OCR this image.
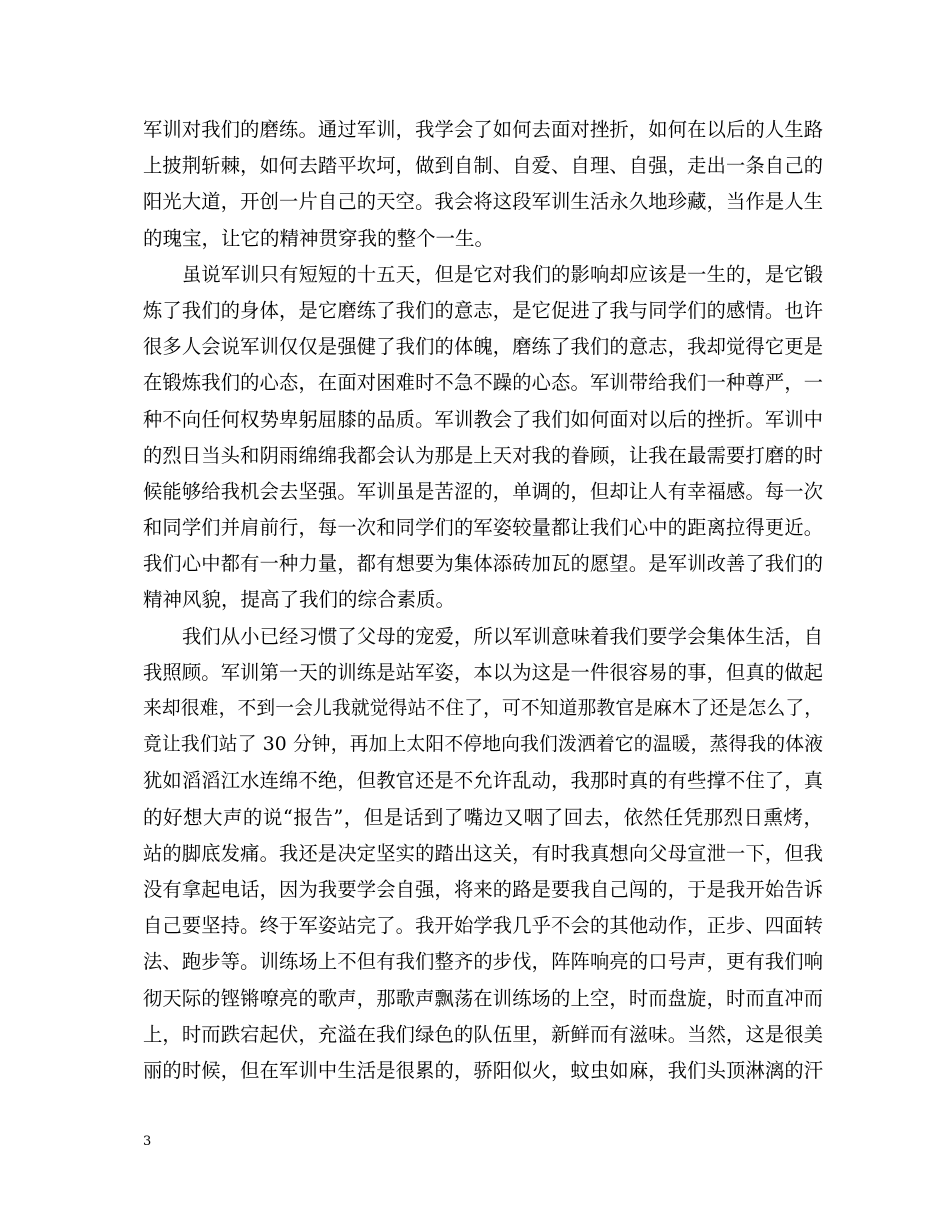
军训对我们的磨练。通过军训，我学会了如何去面对挫折，如何在以后的人生路
上披荆斩棘，如何去踏平坎坷，做到自制、自爱、自理、自强，走出一条自己的
阳光大道，开创一片自己的天空。我会将这段军训生活永久地珍藏，当作是人生
的瑰宝，让它的精神贯穿我的整个一生。
虽说军训只有短短的十五天，但是它对我们的影响却应该是一生的，是它锻
炼了我们的身体，是它磨练了我们的意志，是它促进了我与同学们的感情。也许
很多人会说军训仅仅是强健了我们的体魄，磨练了我们的意志，我却觉得它更是
在锻炼我们的心态，在面对困难时不急不躁的心态。军训带给我们一种尊严，一
种不向任何权势卑躬屈膝的品质。军训教会了我们如何面对以后的挫折。军训中
的烈日当头和阴雨绵绵我都会认为那是上天对我的眷顾，让我在最需要打磨的时
候能够给我机会去坚强。军训虽是苦涩的，单调的，但却让人有幸福感。每一次
和同学们并肩前行，每一次和同学们的军姿较量都让我们心中的距离拉得更近。
我们心中都有一种力量，都有想要为集体添砖加瓦的愿望。是军训改善了我们的
精神风貌，提高了我们的综合素质。
我们从小已经习惯了父母的宠爱，所以军训意味着我们要学会集体生活，自
我照顾。军训第一天的训练是站军姿，本以为这是一件很容易的事，但真的做起
来却很难，不到一会儿我就觉得站不住了，可不知道那教官是麻木了还是怎么了，
竟让我们站了 30 分钟，再加上太阳不停地向我们泼洒着它的温暖，蒸得我的体液
犹如滔滔江水连绵不绝，但教官还是不允许乱动，我那时真的有些撑不住了，真
的好想大声的说“报告”，但是话到了嘴边又咽了回去，依然任凭那烈日熏烤，
站的脚底发痛。我还是决定坚实的踏出这关，有时我真想向父母宣泄一下，但我
没有拿起电话，因为我要学会自强，将来的路是要我自己闯的，于是我开始告诉
自己要坚持。终于军姿站完了。我开始学我几乎不会的其他动作，正步、四面转
法、跑步等。训练场上不但有我们整齐的步伐，阵阵响亮的口号声，更有我们响
彻天际的铿锵嘹亮的歌声，那歌声飘荡在训练场的上空，时而盘旋，时而直冲而
上，时而跌宕起伏，充溢在我们绿色的队伍里，新鲜而有滋味。当然，这是很美
丽的时候，但在军训中生活是很累的，骄阳似火，蚊虫如麻，我们头顶淋漓的汗
3
